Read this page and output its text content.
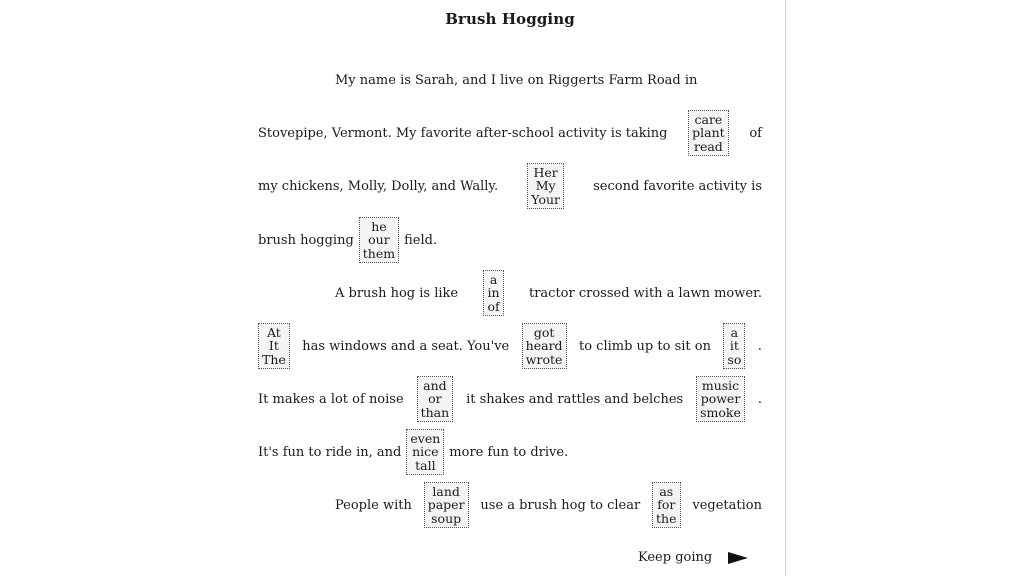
Brush Hogging
My name is Sarah, and I live on Riggerts Farm Road in
Stovepipe, Vermont. My favorite after-school activity is taking
care
plant
read
of
my chickens, Molly, Dolly, and Wally.
Her
My
Your
second favorite activity is
brush hogging
he
our
them
field.
A brush hog is like
a
in
of
tractor crossed with a lawn mower.
At
It
The
has windows and a seat. You've
got
heard
wrote
to climb up to sit on
a
it
so
.
It makes a lot of noise
and
or
than
it shakes and rattles and belches
music
power
smoke
.
It's fun to ride in, and
even
nice
tall
more fun to drive.
People with
land
paper
soup
use a brush hog to clear
as
for
the
vegetation
Keep going
